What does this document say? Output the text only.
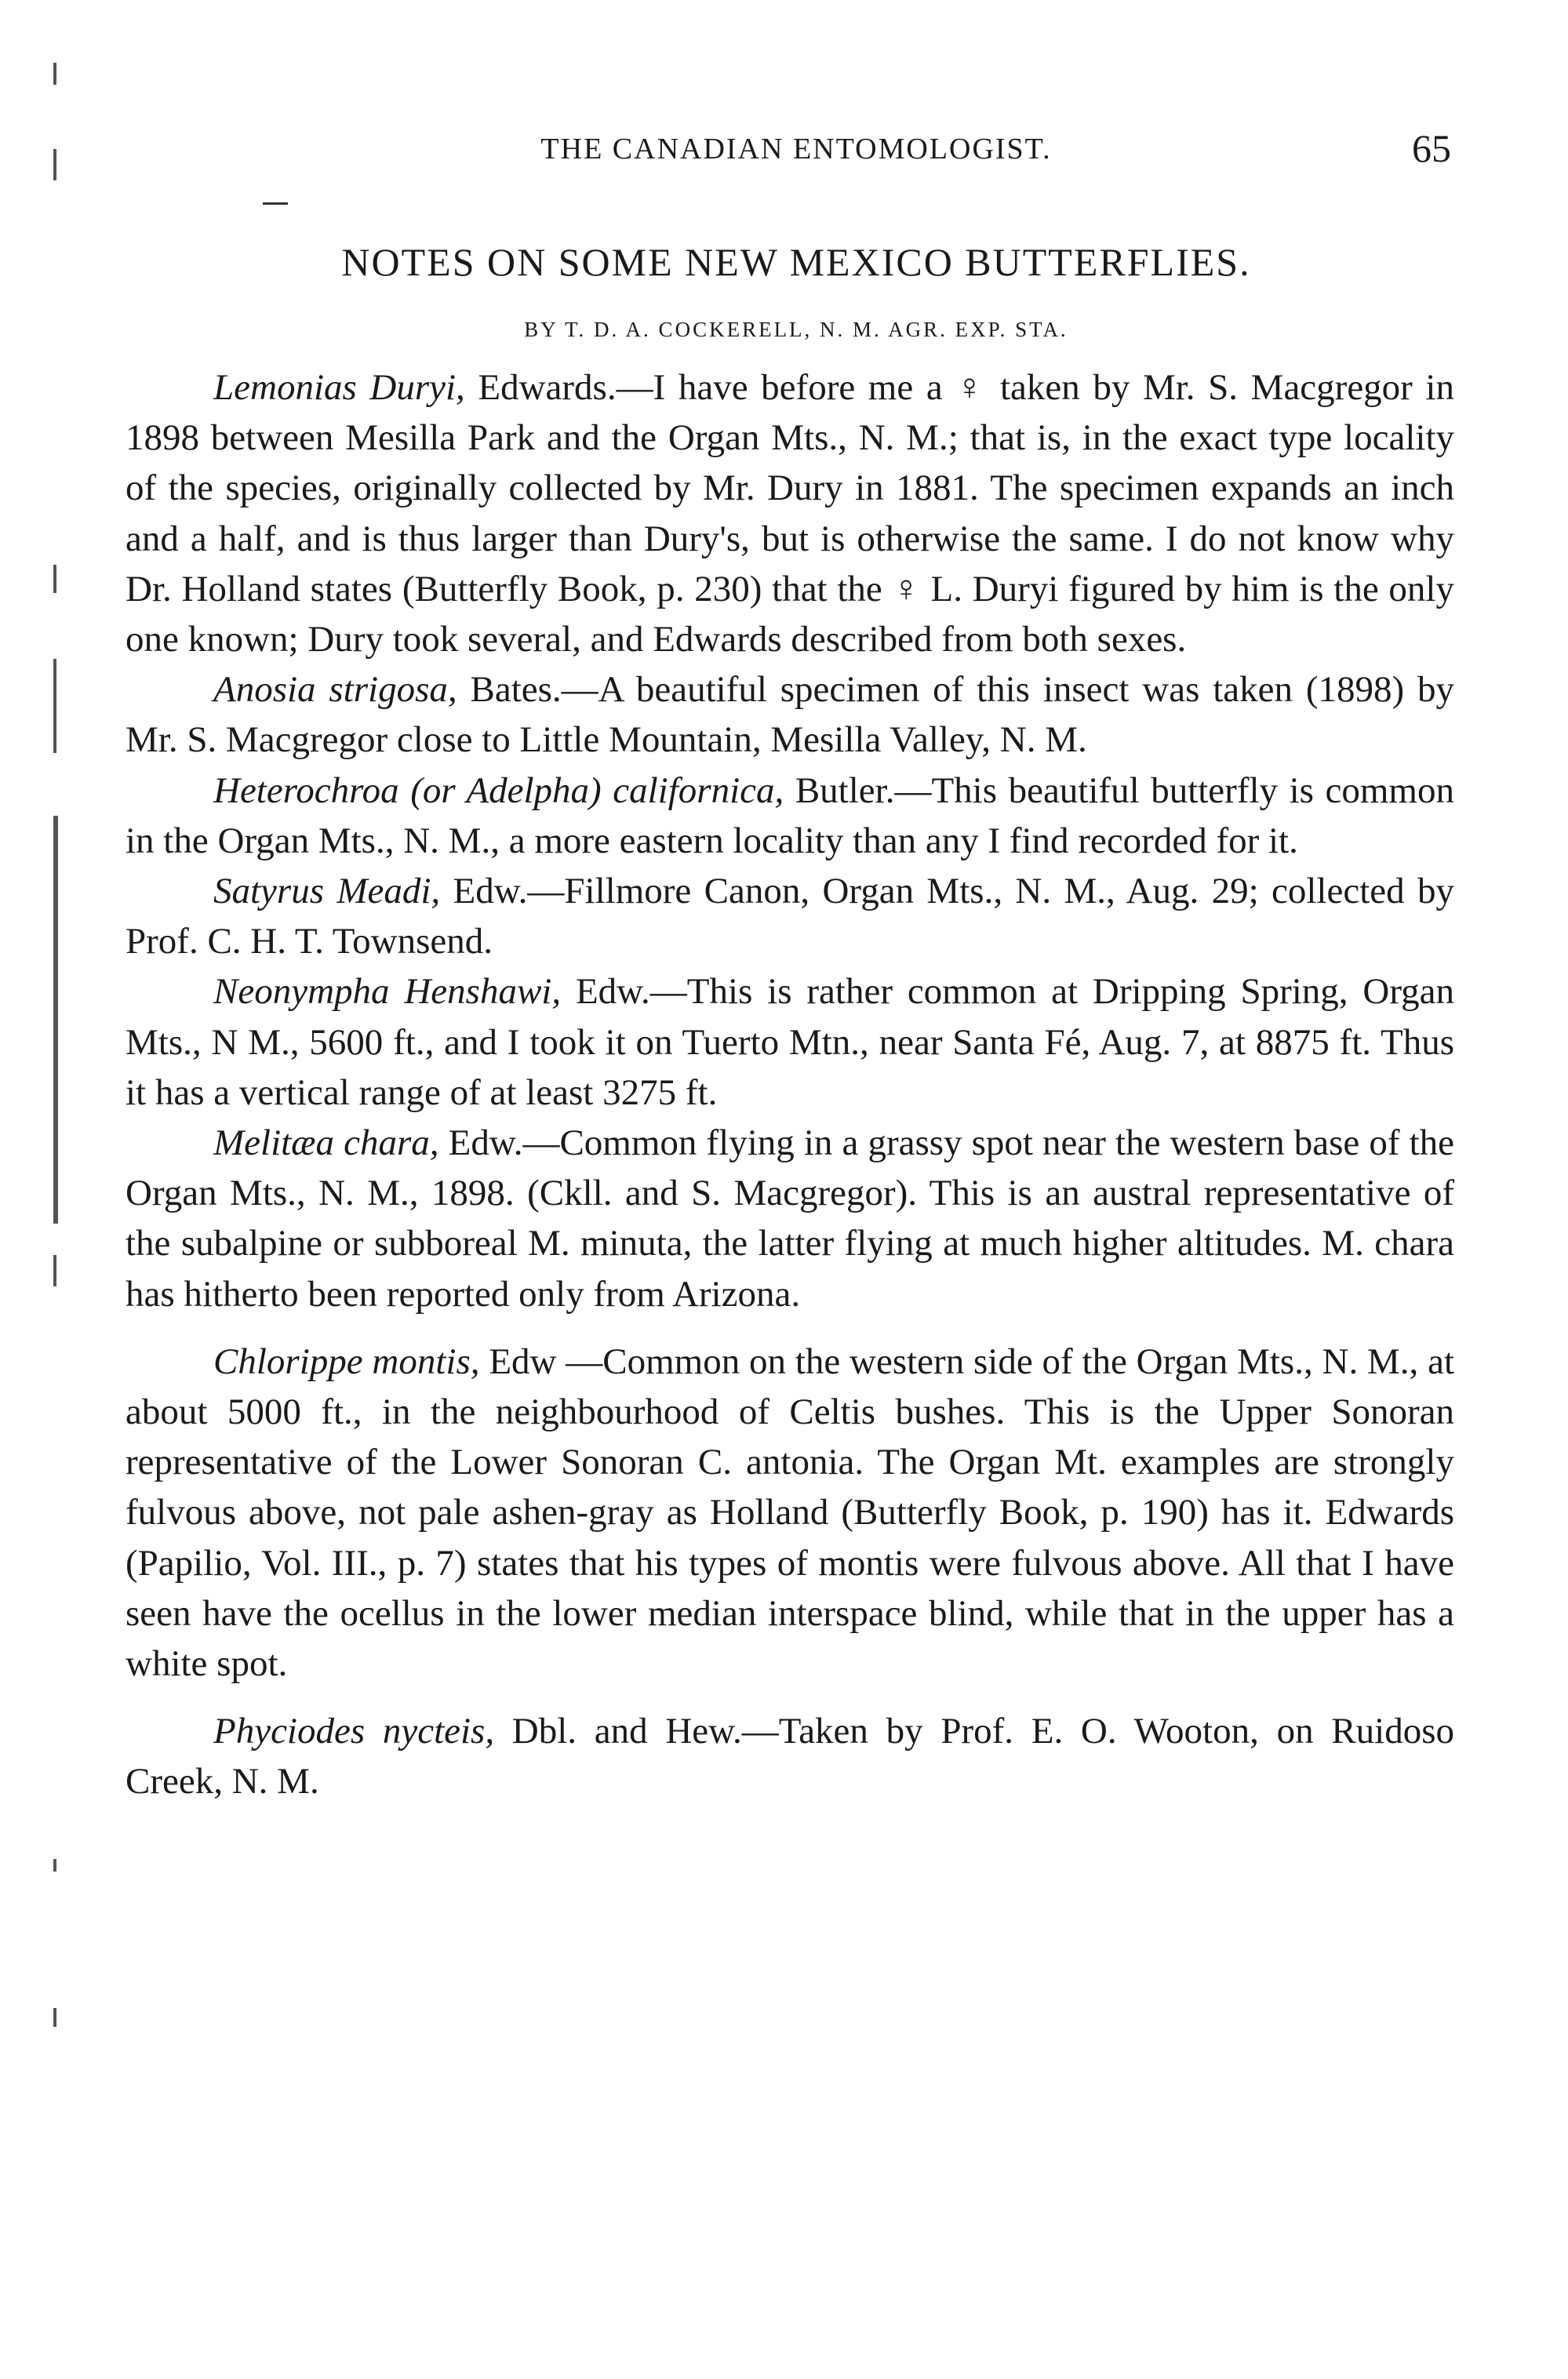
THE CANADIAN ENTOMOLOGIST.	65
NOTES ON SOME NEW MEXICO BUTTERFLIES.
BY T. D. A. COCKERELL, N. M. AGR. EXP. STA.

Lemonias Duryi, Edwards.—I have before me a ♀ taken by Mr. S. Macgregor in 1898 between Mesilla Park and the Organ Mts., N. M.; that is, in the exact type locality of the species, originally collected by Mr. Dury in 1881. The specimen expands an inch and a half, and is thus larger than Dury's, but is otherwise the same. I do not know why Dr. Holland states (Butterfly Book, p. 230) that the ♀ L. Duryi figured by him is the only one known; Dury took several, and Edwards described from both sexes.

Anosia strigosa, Bates.—A beautiful specimen of this insect was taken (1898) by Mr. S. Macgregor close to Little Mountain, Mesilla Valley, N. M.

Heterochroa (or Adelpha) californica, Butler.—This beautiful butterfly is common in the Organ Mts., N. M., a more eastern locality than any I find recorded for it.

Satyrus Meadi, Edw.—Fillmore Canon, Organ Mts., N. M., Aug. 29; collected by Prof. C. H. T. Townsend.

Neonympha Henshawi, Edw.—This is rather common at Dripping Spring, Organ Mts., N M., 5600 ft., and I took it on Tuerto Mtn., near Santa Fé, Aug. 7, at 8875 ft. Thus it has a vertical range of at least 3275 ft.

Melitæa chara, Edw.—Common flying in a grassy spot near the western base of the Organ Mts., N. M., 1898. (Ckll. and S. Macgregor). This is an austral representative of the subalpine or subboreal M. minuta, the latter flying at much higher altitudes. M. chara has hitherto been reported only from Arizona.

Chlorippe montis, Edw —Common on the western side of the Organ Mts., N. M., at about 5000 ft., in the neighbourhood of Celtis bushes. This is the Upper Sonoran representative of the Lower Sonoran C. antonia. The Organ Mt. examples are strongly fulvous above, not pale ashen-gray as Holland (Butterfly Book, p. 190) has it. Edwards (Papilio, Vol. III., p. 7) states that his types of montis were fulvous above. All that I have seen have the ocellus in the lower median interspace blind, while that in the upper has a white spot.

Phyciodes nycteis, Dbl. and Hew.—Taken by Prof. E. O. Wooton, on Ruidoso Creek, N. M.
